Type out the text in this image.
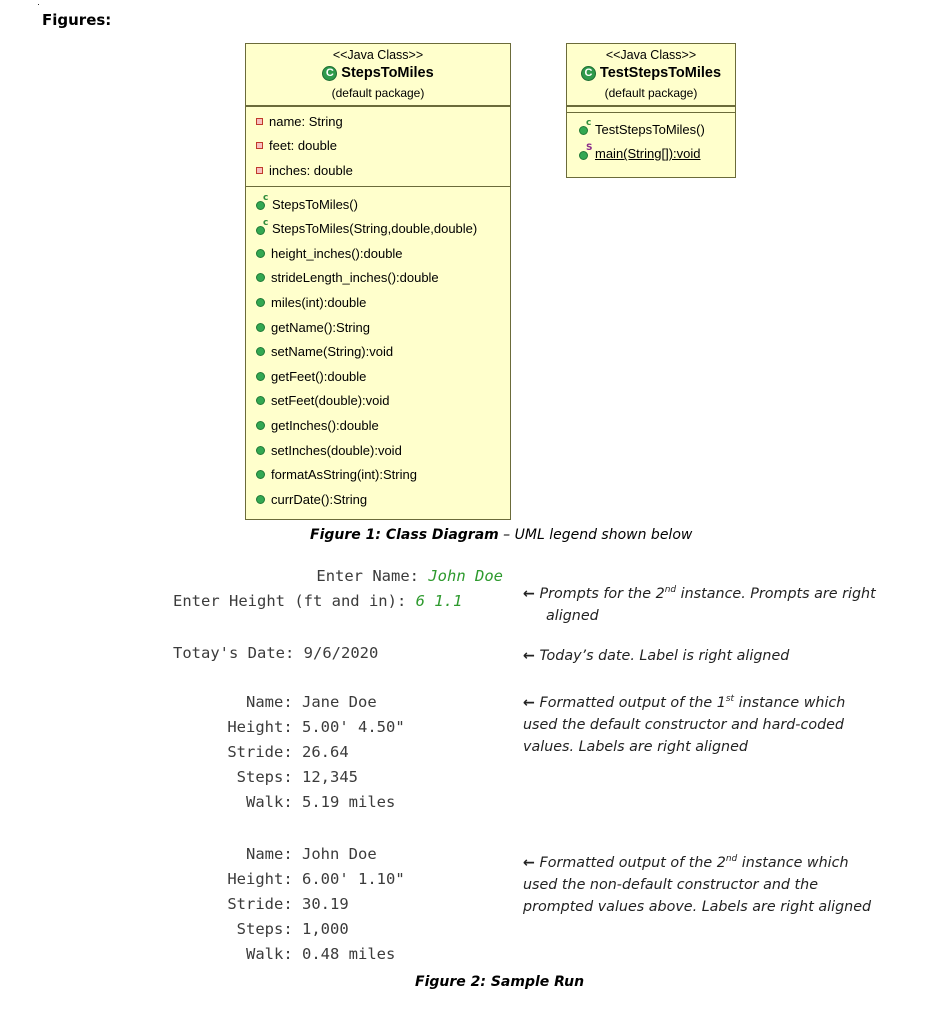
·
Figures:
<<Java Class>>
C StepsToMiles
(default package)
name: String
feet: double
inches: double
c StepsToMiles()
c StepsToMiles(String,double,double)
height_inches():double
strideLength_inches():double
miles(int):double
getName():String
setName(String):void
getFeet():double
setFeet(double):void
getInches():double
setInches(double):void
formatAsString(int):String
currDate():String
<<Java Class>>
C TestStepsToMiles
(default package)
c TestStepsToMiles()
S main(String[]):void
Figure 1: Class Diagram – UML legend shown below
Enter Name: John Doe
Enter Height (ft and in): 6 1.1
Totay's Date: 9/6/2020
Name: Jane Doe
Height: 5.00' 4.50"
Stride: 26.64
Steps: 12,345
Walk: 5.19 miles
Name: John Doe
Height: 6.00' 1.10"
Stride: 30.19
Steps: 1,000
Walk: 0.48 miles
← Prompts for the 2nd instance. Prompts are right
aligned
← Today’s date. Label is right aligned
← Formatted output of the 1st instance which
used the default constructor and hard-coded
values. Labels are right aligned
← Formatted output of the 2nd instance which
used the non-default constructor and the
prompted values above. Labels are right aligned
Figure 2: Sample Run
